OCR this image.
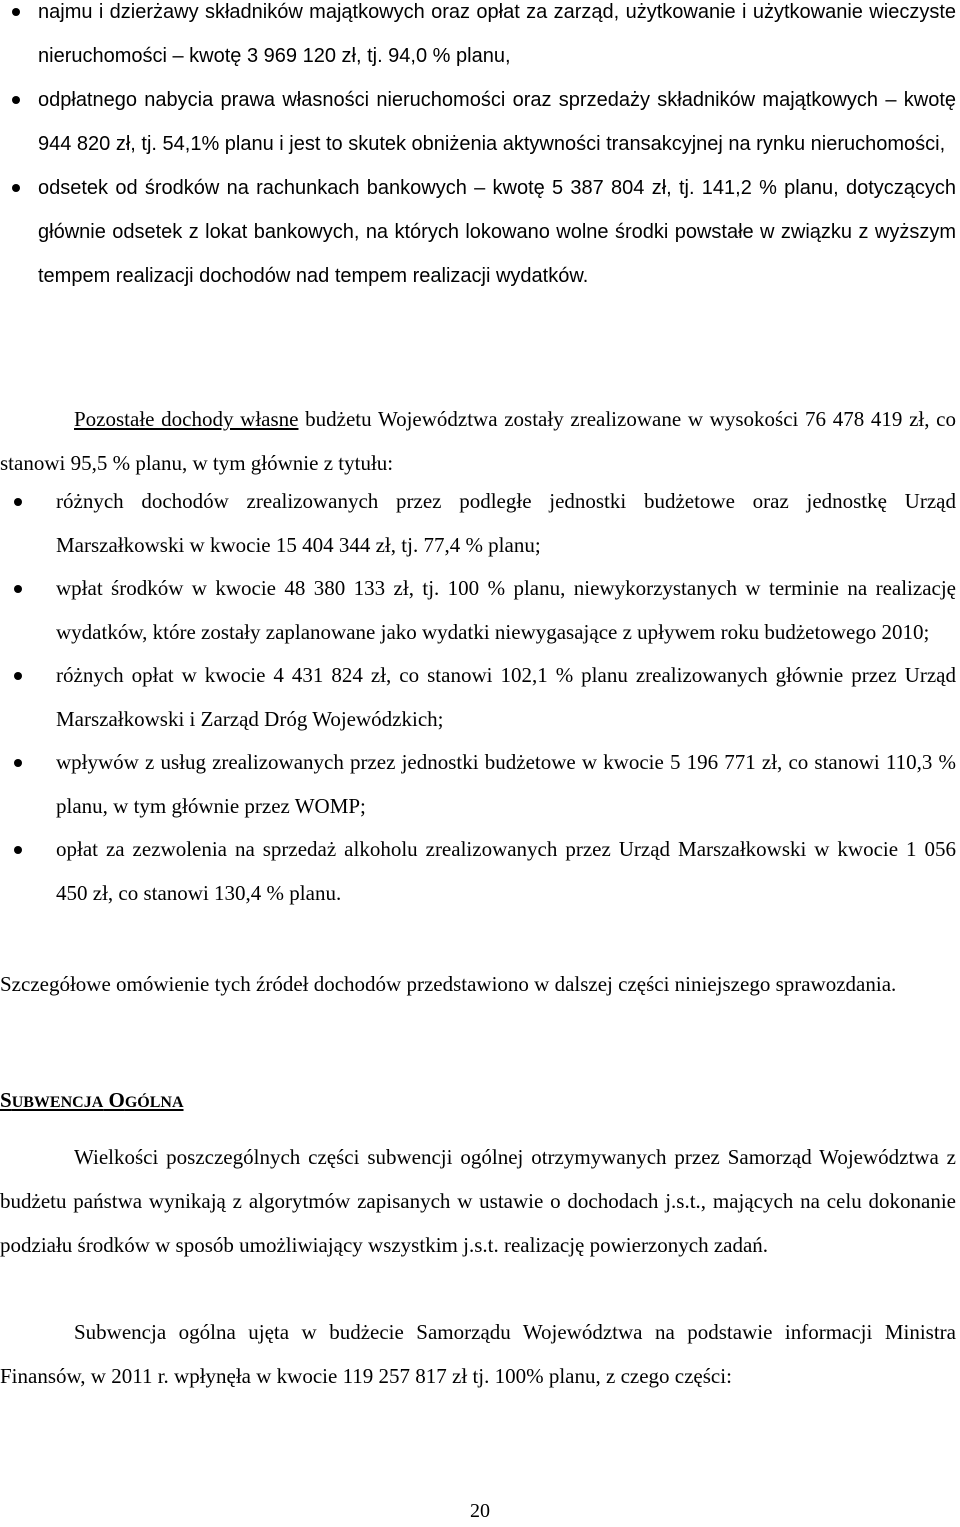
najmu i dzierżawy składników majątkowych oraz opłat za zarząd, użytkowanie i użytkowanie wieczyste nieruchomości – kwotę 3 969 120 zł, tj. 94,0 % planu,
odpłatnego nabycia prawa własności nieruchomości oraz sprzedaży składników majątkowych – kwotę 944 820 zł, tj. 54,1% planu i jest to skutek obniżenia aktywności transakcyjnej na rynku nieruchomości,
odsetek od środków na rachunkach bankowych – kwotę 5 387 804 zł, tj. 141,2 % planu, dotyczących głównie odsetek z lokat bankowych, na których lokowano wolne środki powstałe w związku z wyższym tempem realizacji dochodów nad tempem realizacji wydatków.

Pozostałe dochody własne budżetu Województwa zostały zrealizowane w wysokości 76 478 419 zł, co stanowi 95,5 % planu, w tym głównie z tytułu:

różnych dochodów zrealizowanych przez podległe jednostki budżetowe oraz jednostkę Urząd Marszałkowski w kwocie 15 404 344 zł, tj. 77,4 % planu;
wpłat środków w kwocie 48 380 133 zł, tj. 100 % planu, niewykorzystanych w terminie na realizację wydatków, które zostały zaplanowane jako wydatki niewygasające z upływem roku budżetowego 2010;
różnych opłat w kwocie 4 431 824 zł, co stanowi 102,1 % planu zrealizowanych głównie przez Urząd Marszałkowski i Zarząd Dróg Wojewódzkich;
wpływów z usług zrealizowanych przez jednostki budżetowe w kwocie 5 196 771 zł, co stanowi 110,3 % planu, w tym głównie przez WOMP;
opłat za zezwolenia na sprzedaż alkoholu zrealizowanych przez Urząd Marszałkowski w kwocie 1 056 450 zł, co stanowi 130,4 % planu.

Szczegółowe omówienie tych źródeł dochodów przedstawiono w dalszej części niniejszego sprawozdania.

SUBWENCJA OGÓLNA

Wielkości poszczególnych części subwencji ogólnej otrzymywanych przez Samorząd Województwa z budżetu państwa wynikają z algorytmów zapisanych w ustawie o dochodach j.s.t., mających na celu dokonanie podziału środków w sposób umożliwiający wszystkim j.s.t. realizację powierzonych zadań.

Subwencja ogólna ujęta w budżecie Samorządu Województwa na podstawie informacji Ministra Finansów, w 2011 r. wpłynęła w kwocie 119 257 817 zł tj. 100% planu, z czego części:

20
